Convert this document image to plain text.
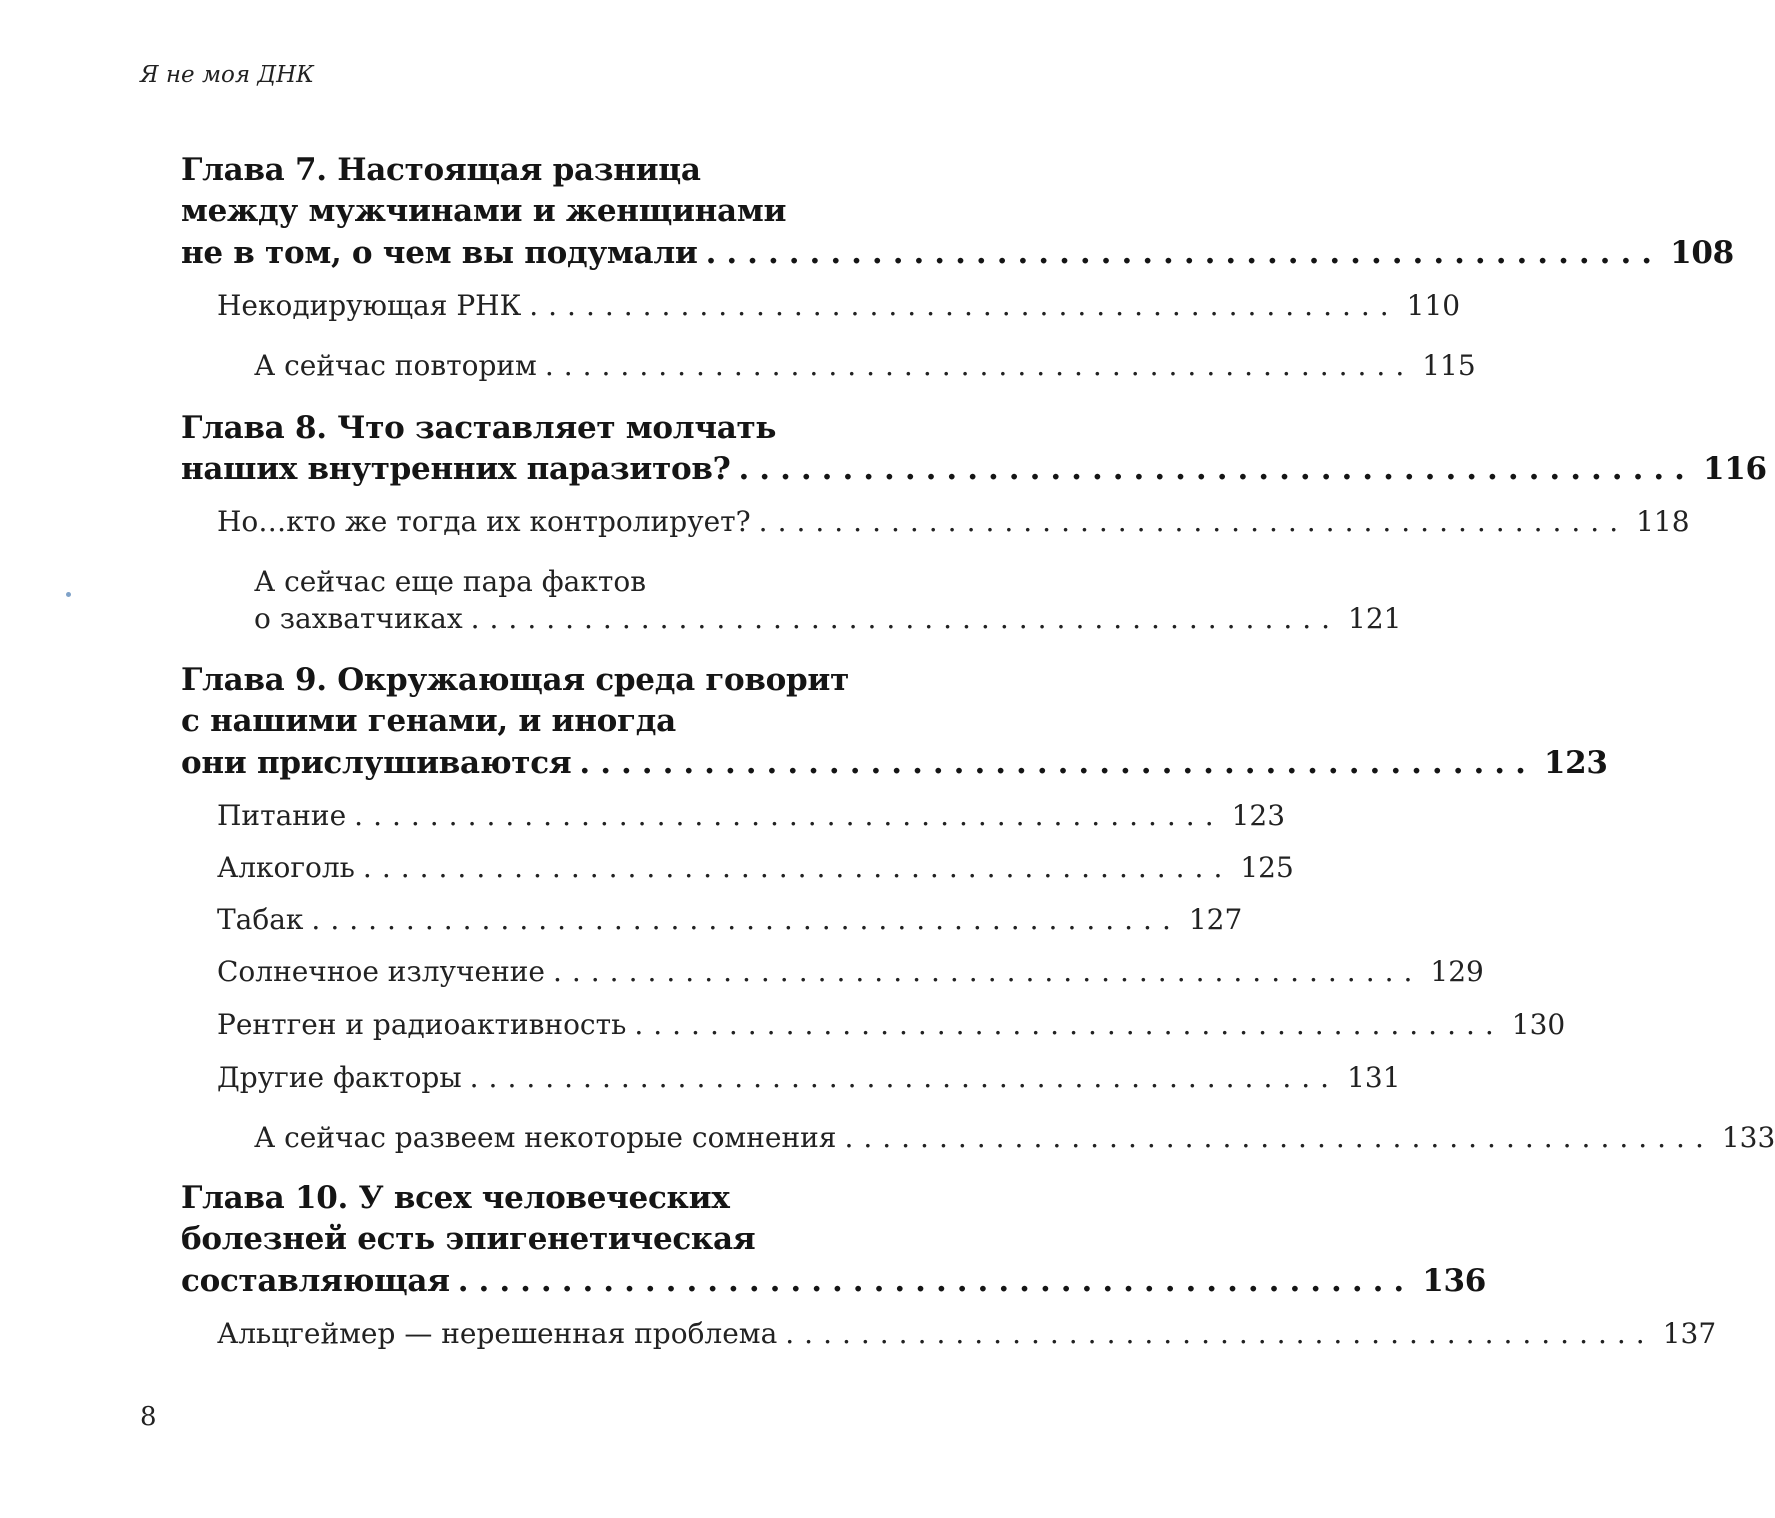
Я не моя ДНК
Глава 7. Настоящая разница
между мужчинами и женщинами
не в том, о чем вы подумали .............................................. 108
Некодирующая РНК .............................................. 110
А сейчас повторим .............................................. 115
Глава 8. Что заставляет молчать
наших внутренних паразитов? .............................................. 116
Но…кто же тогда их контролирует? .............................................. 118
А сейчас еще пара фактов
о захватчиках .............................................. 121
Глава 9. Окружающая среда говорит
с нашими генами, и иногда
они прислушиваются .............................................. 123
Питание .............................................. 123
Алкоголь .............................................. 125
Табак .............................................. 127
Солнечное излучение .............................................. 129
Рентген и радиоактивность .............................................. 130
Другие факторы .............................................. 131
А сейчас развеем некоторые сомнения .............................................. 133
Глава 10. У всех человеческих
болезней есть эпигенетическая
составляющая .............................................. 136
Альцгеймер — нерешенная проблема .............................................. 137
8
